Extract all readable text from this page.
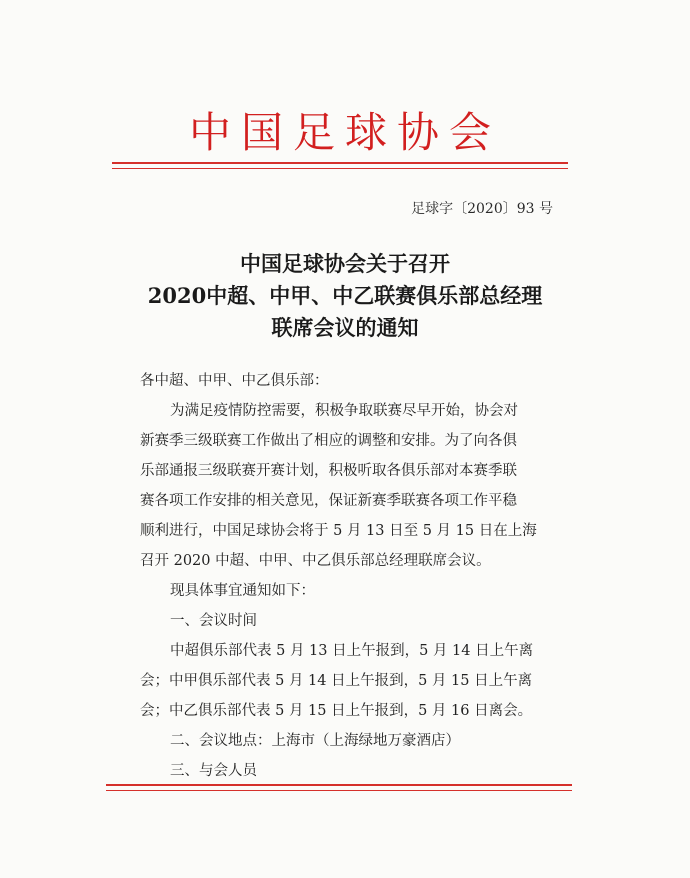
中国足球协会
足球字〔2020〕93 号
中国足球协会关于召开
2020中超、中甲、中乙联赛俱乐部总经理
联席会议的通知
各中超、中甲、中乙俱乐部：
为满足疫情防控需要，积极争取联赛尽早开始，协会对
新赛季三级联赛工作做出了相应的调整和安排。为了向各俱
乐部通报三级联赛开赛计划，积极听取各俱乐部对本赛季联
赛各项工作安排的相关意见，保证新赛季联赛各项工作平稳
顺利进行，中国足球协会将于 5 月 13 日至 5 月 15 日在上海
召开 2020 中超、中甲、中乙俱乐部总经理联席会议。
现具体事宜通知如下：
一、会议时间
中超俱乐部代表 5 月 13 日上午报到，5 月 14 日上午离
会；中甲俱乐部代表 5 月 14 日上午报到，5 月 15 日上午离
会；中乙俱乐部代表 5 月 15 日上午报到，5 月 16 日离会。
二、会议地点：上海市（上海绿地万豪酒店）
三、与会人员
